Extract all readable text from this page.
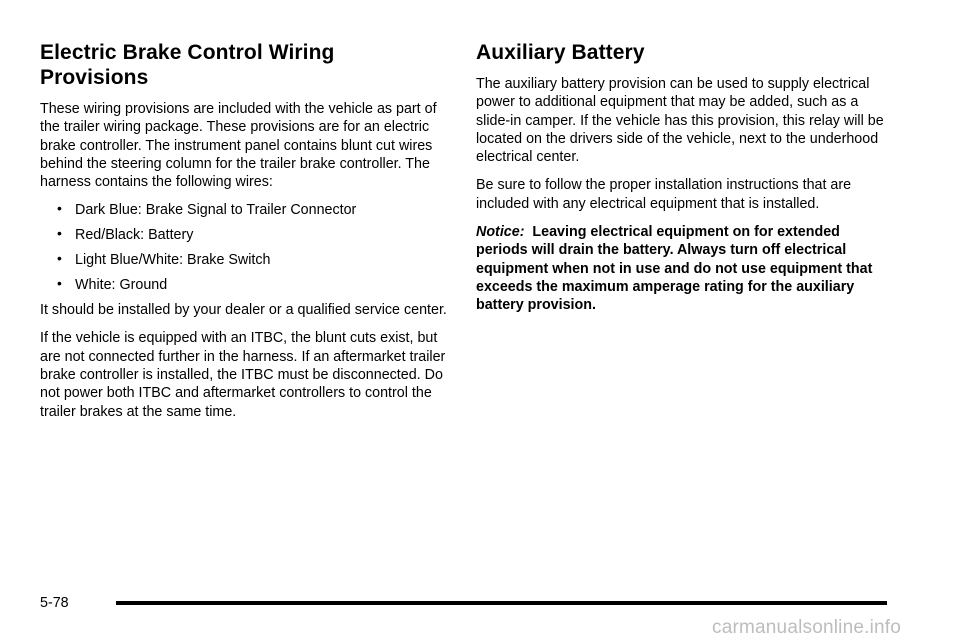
Electric Brake Control Wiring Provisions

These wiring provisions are included with the vehicle as part of the trailer wiring package. These provisions are for an electric brake controller. The instrument panel contains blunt cut wires behind the steering column for the trailer brake controller. The harness contains the following wires:

• Dark Blue: Brake Signal to Trailer Connector
• Red/Black: Battery
• Light Blue/White: Brake Switch
• White: Ground

It should be installed by your dealer or a qualified service center.

If the vehicle is equipped with an ITBC, the blunt cuts exist, but are not connected further in the harness. If an aftermarket trailer brake controller is installed, the ITBC must be disconnected. Do not power both ITBC and aftermarket controllers to control the trailer brakes at the same time.

Auxiliary Battery

The auxiliary battery provision can be used to supply electrical power to additional equipment that may be added, such as a slide-in camper. If the vehicle has this provision, this relay will be located on the drivers side of the vehicle, next to the underhood electrical center.

Be sure to follow the proper installation instructions that are included with any electrical equipment that is installed.

Notice: Leaving electrical equipment on for extended periods will drain the battery. Always turn off electrical equipment when not in use and do not use equipment that exceeds the maximum amperage rating for the auxiliary battery provision.

5-78
carmanualsonline.info
